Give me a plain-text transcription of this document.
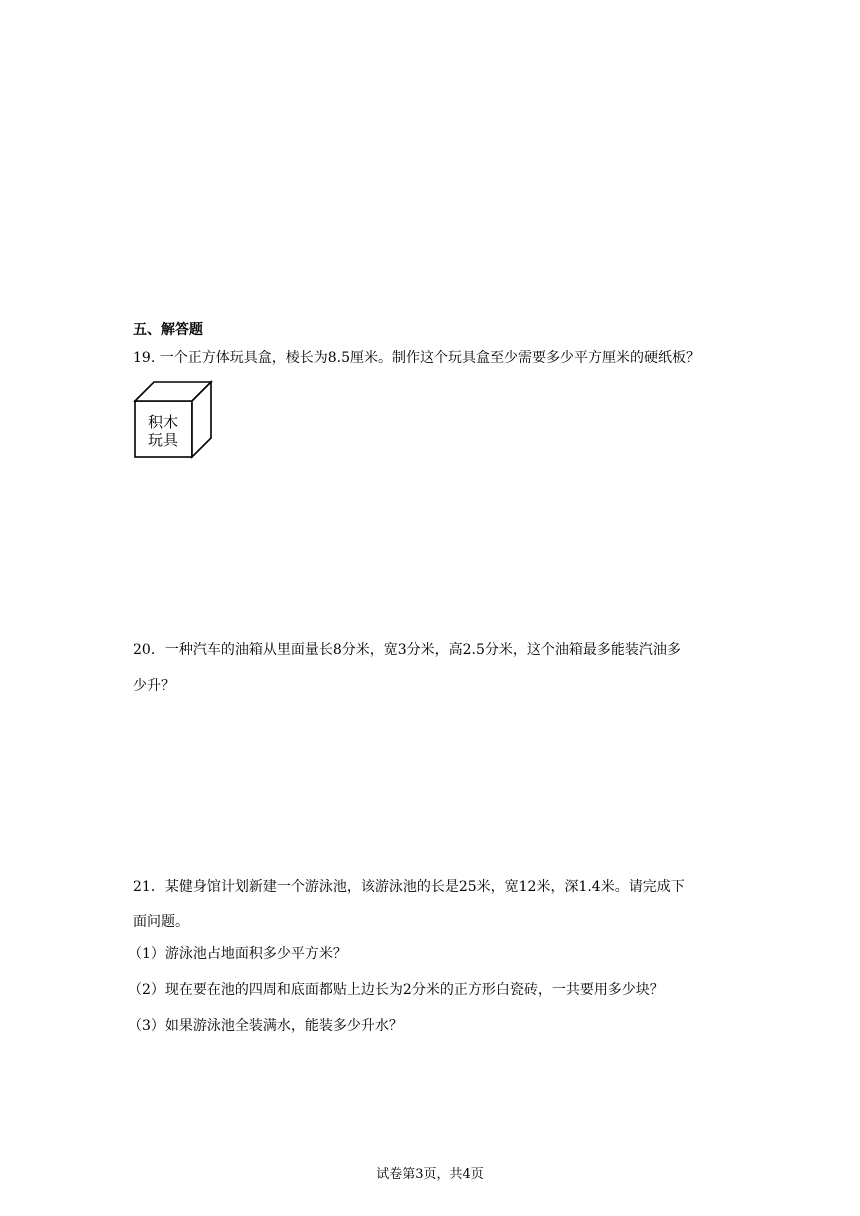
五、解答题
19. 一个正方体玩具盒，棱长为8.5厘米。制作这个玩具盒至少需要多少平方厘米的硬纸板？
积木
玩具
20．一种汽车的油箱从里面量长8分米，宽3分米，高2.5分米，这个油箱最多能装汽油多
少升？
21．某健身馆计划新建一个游泳池，该游泳池的长是25米，宽12米，深1.4米。请完成下
面问题。
（1）游泳池占地面积多少平方米？
（2）现在要在池的四周和底面都贴上边长为2分米的正方形白瓷砖，一共要用多少块？
（3）如果游泳池全装满水，能装多少升水？
试卷第3页，共4页
